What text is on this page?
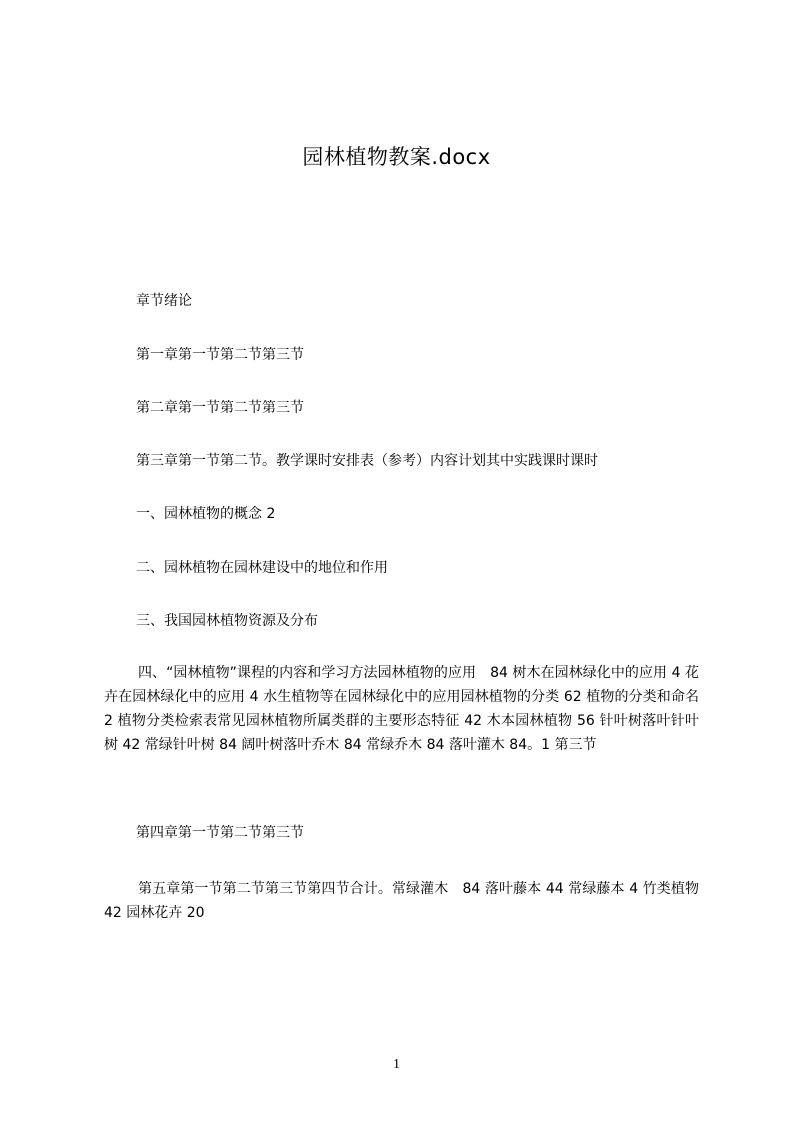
园林植物教案.docx
章节绪论
第一章第一节第二节第三节
第二章第一节第二节第三节
第三章第一节第二节。教学课时安排表（参考）内容计划其中实践课时课时
一、园林植物的概念 2
二、园林植物在园林建设中的地位和作用
三、我国园林植物资源及分布
四、“园林植物”课程的内容和学习方法园林植物的应用　84 树木在园林绿化中的应用 4 花卉在园林绿化中的应用 4 水生植物等在园林绿化中的应用园林植物的分类 62 植物的分类和命名 2 植物分类检索表常见园林植物所属类群的主要形态特征 42 木本园林植物 56 针叶树落叶针叶树 42 常绿针叶树 84 阔叶树落叶乔木 84 常绿乔木 84 落叶灌木 84。1 第三节
第四章第一节第二节第三节
第五章第一节第二节第三节第四节合计。常绿灌木　84 落叶藤本 44 常绿藤本 4 竹类植物 42 园林花卉 20
1
